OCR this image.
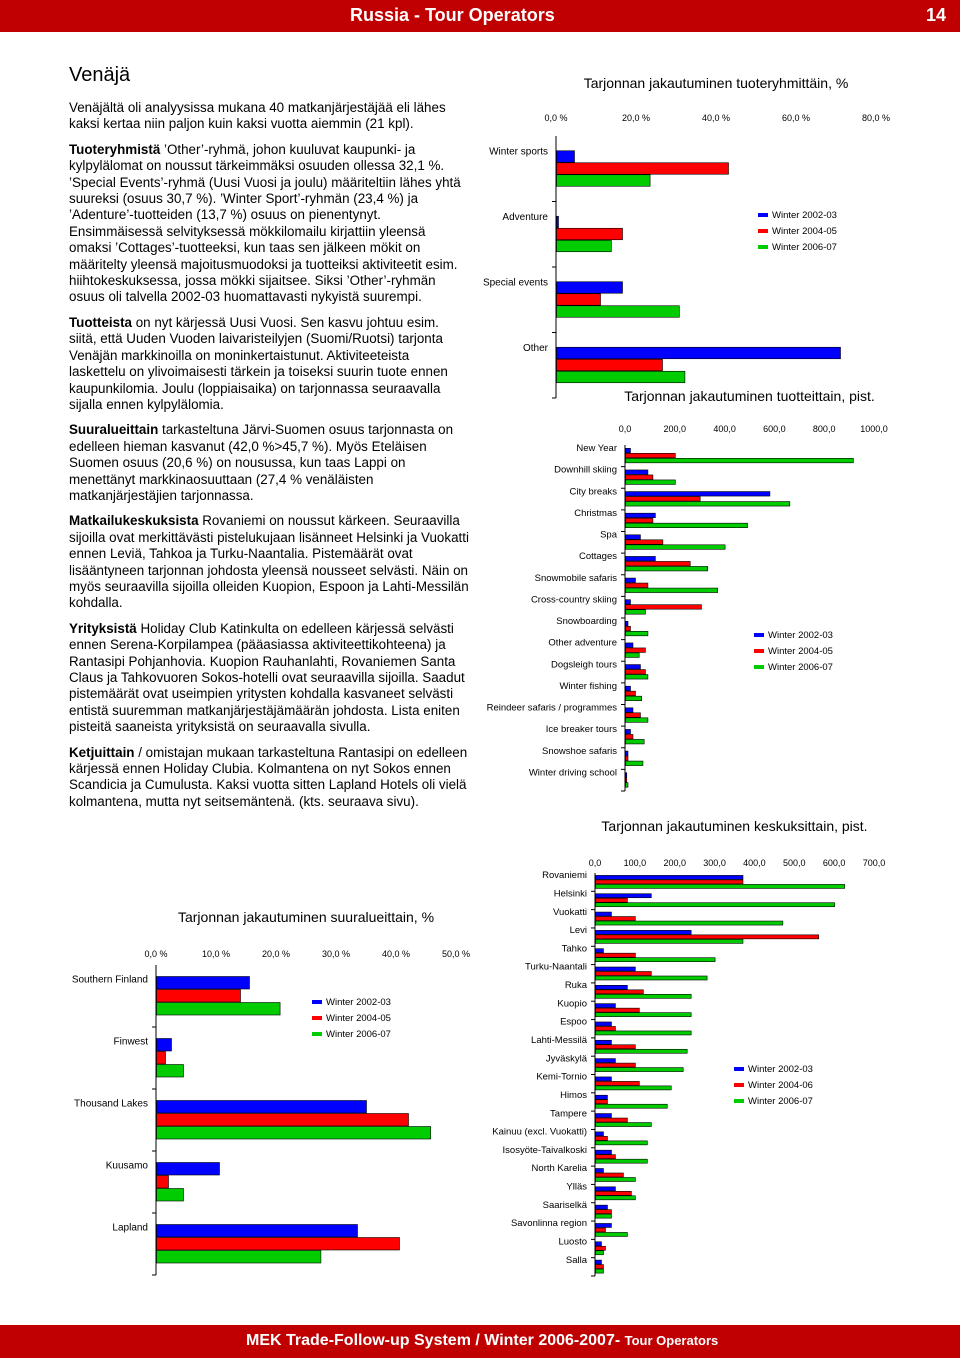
Russia - Tour Operators	14
Venäjä

Venäjältä oli analyysissa mukana 40 matkanjärjestäjää eli lähes kaksi kertaa niin paljon kuin kaksi vuotta aiemmin (21 kpl).

Tuoteryhmistä ’Other’-ryhmä, johon kuuluvat kaupunki- ja kylpylälomat on noussut tärkeimmäksi osuuden ollessa 32,1 %. ’Special Events’-ryhmä (Uusi Vuosi ja joulu) määriteltiin lähes yhtä suureksi (osuus 30,7 %). ’Winter Sport’-ryhmän (23,4 %) ja ’Adenture’-tuotteiden (13,7 %) osuus on pienentynyt. Ensimmäisessä selvityksessä mökkilomailu kirjattiin yleensä omaksi ’Cottages’-tuotteeksi, kun taas sen jälkeen mökit on määritelty yleensä majoitusmuodoksi ja tuotteiksi aktiviteetit esim. hiihtokeskuksessa, jossa mökki sijaitsee. Siksi ’Other’-ryhmän osuus oli talvella 2002-03 huomattavasti nykyistä suurempi.

Tuotteista on nyt kärjessä Uusi Vuosi. Sen kasvu johtuu esim. siitä, että Uuden Vuoden laivaristeilyjen (Suomi/Ruotsi) tarjonta Venäjän markkinoilla on moninkertaistunut. Aktiviteeteista laskettelu on ylivoimaisesti tärkein ja toiseksi suurin tuote ennen kaupunkilomia. Joulu (loppiaisaika) on tarjonnassa seuraavalla sijalla ennen kylpylälomia.

Suuralueittain tarkasteltuna Järvi-Suomen osuus tarjonnasta on edelleen hieman kasvanut (42,0 %>45,7 %). Myös Eteläisen Suomen osuus (20,6 %) on nousussa, kun taas Lappi on menettänyt markkinaosuuttaan (27,4 % venäläisten matkanjärjestäjien tarjonnassa.

Matkailukeskuksista Rovaniemi on noussut kärkeen. Seuraavilla sijoilla ovat merkittävästi pistelukujaan lisänneet Helsinki ja Vuokatti ennen Leviä, Tahkoa ja Turku-Naantalia. Pistemäärät ovat lisääntyneen tarjonnan johdosta yleensä nousseet selvästi. Näin on myös seuraavilla sijoilla olleiden Kuopion, Espoon ja Lahti-Messilän kohdalla.

Yrityksistä Holiday Club Katinkulta on edelleen kärjessä selvästi ennen Serena-Korpilampea (pääasiassa aktiviteettikohteena) ja Rantasipi Pohjanhovia. Kuopion Rauhanlahti, Rovaniemen Santa Claus ja Tahkovuoren Sokos-hotelli ovat seuraavilla sijoilla. Saadut pistemäärät ovat useimpien yritysten kohdalla kasvaneet selvästi entistä suuremman matkanjärjestäjämäärän johdosta. Lista eniten pisteitä saaneista yrityksistä on seuraavalla sivulla.

Ketjuittain / omistajan mukaan tarkasteltuna Rantasipi on edelleen kärjessä ennen Holiday Clubia. Kolmantena on nyt Sokos ennen Scandicia ja Cumulusta. Kaksi vuotta sitten Lapland Hotels oli vielä kolmantena, mutta nyt seitsemäntenä. (kts. seuraava sivu).

Tarjonnan jakautuminen tuoteryhmittäin, %
0,0 %	20,0 %	40,0 %	60,0 %	80,0 %
Winter sports
Adventure
Special events
Other
Winter 2002-03
Winter 2004-05
Winter 2006-07
Tarjonnan jakautuminen tuotteittain, pist.
0,0	200,0	400,0	600,0	800,0	1000,0
New Year
Downhill skiing
City breaks
Christmas
Spa
Cottages
Snowmobile safaris
Cross-country skiing
Snowboarding
Other adventure
Dogsleigh tours
Winter fishing
Reindeer safaris / programmes
Ice breaker tours
Snowshoe safaris
Winter driving school
Winter 2002-03
Winter 2004-05
Winter 2006-07
Tarjonnan jakautuminen keskuksittain, pist.
0,0 100,0 200,0 300,0 400,0 500,0 600,0 700,0
Rovaniemi
Helsinki
Vuokatti
Levi
Tahko
Turku-Naantali
Ruka
Kuopio
Espoo
Lahti-Messilä
Jyväskylä
Kemi-Tornio
Himos
Tampere
Kainuu (excl. Vuokatti)
Isosyöte-Taivalkoski
North Karelia
Ylläs
Saariselkä
Savonlinna region
Luosto
Salla
Winter 2002-03
Winter 2004-06
Winter 2006-07
Tarjonnan jakautuminen suuralueittain, %
0,0 %	10,0 %	20,0 %	30,0 %	40,0 %	50,0 %
Southern Finland
Finwest
Thousand Lakes
Kuusamo
Lapland
Winter 2002-03
Winter 2004-05
Winter 2006-07
MEK Trade-Follow-up System / Winter 2006-2007- Tour Operators
